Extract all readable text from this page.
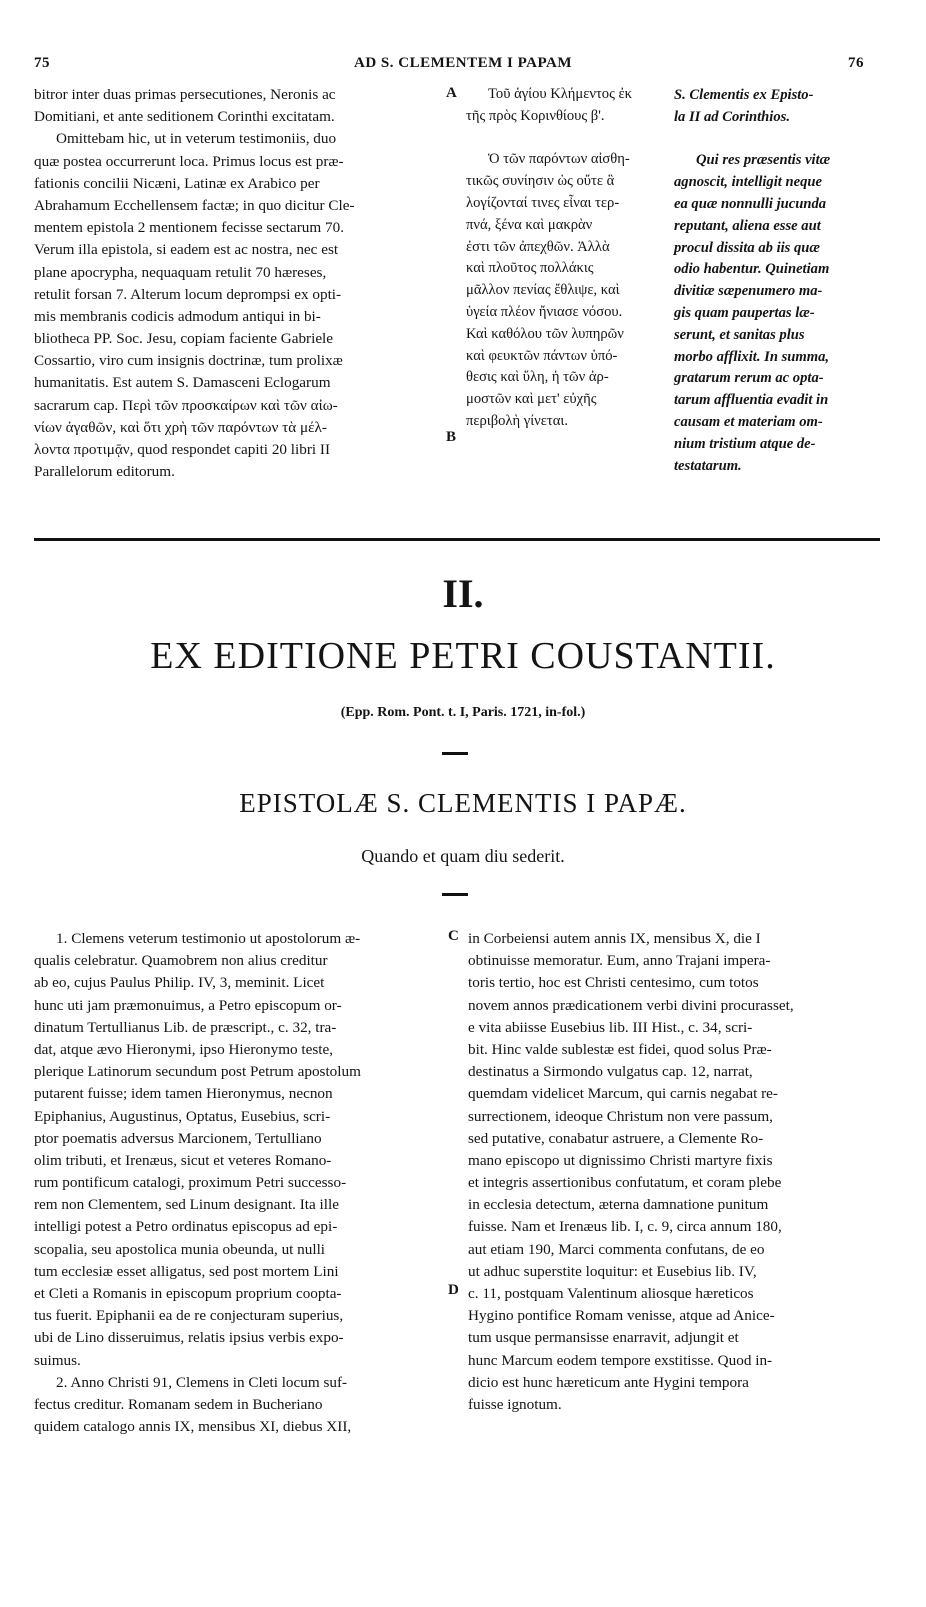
75	AD S. CLEMENTEM I PAPAM	76
bitror inter duas primas persecutiones, Neronis ac
Domitiani, et ante seditionem Corinthi excitatam.
Omittebam hic, ut in veterum testimoniis, duo
quæ postea occurrerunt loca. Primus locus est præ-
fationis concilii Nicæni, Latinæ ex Arabico per
Abrahamum Ecchellensem factæ; in quo dicitur Cle-
mentem epistola 2 mentionem fecisse sectarum 70.
Verum illa epistola, si eadem est ac nostra, nec est
plane apocrypha, nequaquam retulit 70 hæreses,
retulit forsan 7. Alterum locum deprompsi ex opti-
mis membranis codicis admodum antiqui in bi-
bliotheca PP. Soc. Jesu, copiam faciente Gabriele
Cossartio, viro cum insignis doctrinæ, tum prolixæ
humanitatis. Est autem S. Damasceni Eclogarum
sacrarum cap. Περὶ τῶν προσκαίρων καὶ τῶν αἰω-
νίων ἀγαθῶν, καὶ ὅτι χρὴ τῶν παρόντων τὰ μέλ-
λοντα προτιμᾷν, quod respondet capiti 20 libri II
Parallelorum editorum.
A
B
Τοῦ ἁγίου Κλήμεντος ἐκ
τῆς πρὸς Κορινθίους β'.

Ὁ τῶν παρόντων αἰσθη-
τικῶς συνίησιν ὡς οὔτε ἃ
λογίζονταί τινες εἶναι τερ-
πνά, ξένα καὶ μακρὰν
ἐστι τῶν ἀπεχθῶν. Ἀλλὰ
καὶ πλοῦτος πολλάκις
μᾶλλον πενίας ἔθλιψε, καὶ
ὑγεία πλέον ἤνιασε νόσου.
Καὶ καθόλου τῶν λυπηρῶν
καὶ φευκτῶν πάντων ὑπό-
θεσις καὶ ὕλη, ἡ τῶν ἀρ-
μοστῶν καὶ μετ' εὐχῆς
περιβολὴ γίνεται.
S. Clementis ex Episto-
la II ad Corinthios.

Qui res præsentis vitæ
agnoscit, intelligit neque
ea quæ nonnulli jucunda
reputant, aliena esse aut
procul dissita ab iis quæ
odio habentur. Quinetiam
divitiæ sæpenumero ma-
gis quam paupertas læ-
serunt, et sanitas plus
morbo afflixit. In summa,
gratarum rerum ac opta-
tarum affluentia evadit in
causam et materiam om-
nium tristium atque de-
testatarum.
II.
EX EDITIONE PETRI COUSTANTII.
(Epp. Rom. Pont. t. I, Paris. 1721, in-fol.)
EPISTOLÆ S. CLEMENTIS I PAPÆ.
Quando et quam diu sederit.
1. Clemens veterum testimonio ut apostolorum æ-
qualis celebratur. Quamobrem non alius creditur
ab eo, cujus Paulus Philip. IV, 3, meminit. Licet
hunc uti jam præmonuimus, a Petro episcopum or-
dinatum Tertullianus Lib. de præscript., c. 32, tra-
dat, atque ævo Hieronymi, ipso Hieronymo teste,
plerique Latinorum secundum post Petrum apostolum
putarent fuisse; idem tamen Hieronymus, necnon
Epiphanius, Augustinus, Optatus, Eusebius, scri-
ptor poematis adversus Marcionem, Tertulliano
olim tributi, et Irenæus, sicut et veteres Romano-
rum pontificum catalogi, proximum Petri successo-
rem non Clementem, sed Linum designant. Ita ille
intelligi potest a Petro ordinatus episcopus ad epi-
scopalia, seu apostolica munia obeunda, ut nulli
tum ecclesiæ esset alligatus, sed post mortem Lini
et Cleti a Romanis in episcopum proprium coopta-
tus fuerit. Epiphanii ea de re conjecturam superius,
ubi de Lino disseruimus, relatis ipsius verbis expo-
suimus.
2. Anno Christi 91, Clemens in Cleti locum suf-
fectus creditur. Romanam sedem in Bucheriano
quidem catalogo annis IX, mensibus XI, diebus XII,
C
D
in Corbeiensi autem annis IX, mensibus X, die I
obtinuisse memoratur. Eum, anno Trajani impera-
toris tertio, hoc est Christi centesimo, cum totos
novem annos prædicationem verbi divini procurasset,
e vita abiisse Eusebius lib. III Hist., c. 34, scri-
bit. Hinc valde sublestæ est fidei, quod solus Præ-
destinatus a Sirmondo vulgatus cap. 12, narrat,
quemdam videlicet Marcum, qui carnis negabat re-
surrectionem, ideoque Christum non vere passum,
sed putative, conabatur astruere, a Clemente Ro-
mano episcopo ut dignissimo Christi martyre fixis
et integris assertionibus confutatum, et coram plebe
in ecclesia detectum, æterna damnatione punitum
fuisse. Nam et Irenæus lib. I, c. 9, circa annum 180,
aut etiam 190, Marci commenta confutans, de eo
ut adhuc superstite loquitur: et Eusebius lib. IV,
c. 11, postquam Valentinum aliosque hæreticos
Hygino pontifice Romam venisse, atque ad Anice-
tum usque permansisse enarravit, adjungit et
hunc Marcum eodem tempore exstitisse. Quod in-
dicio est hunc hæreticum ante Hygini tempora
fuisse ignotum.
